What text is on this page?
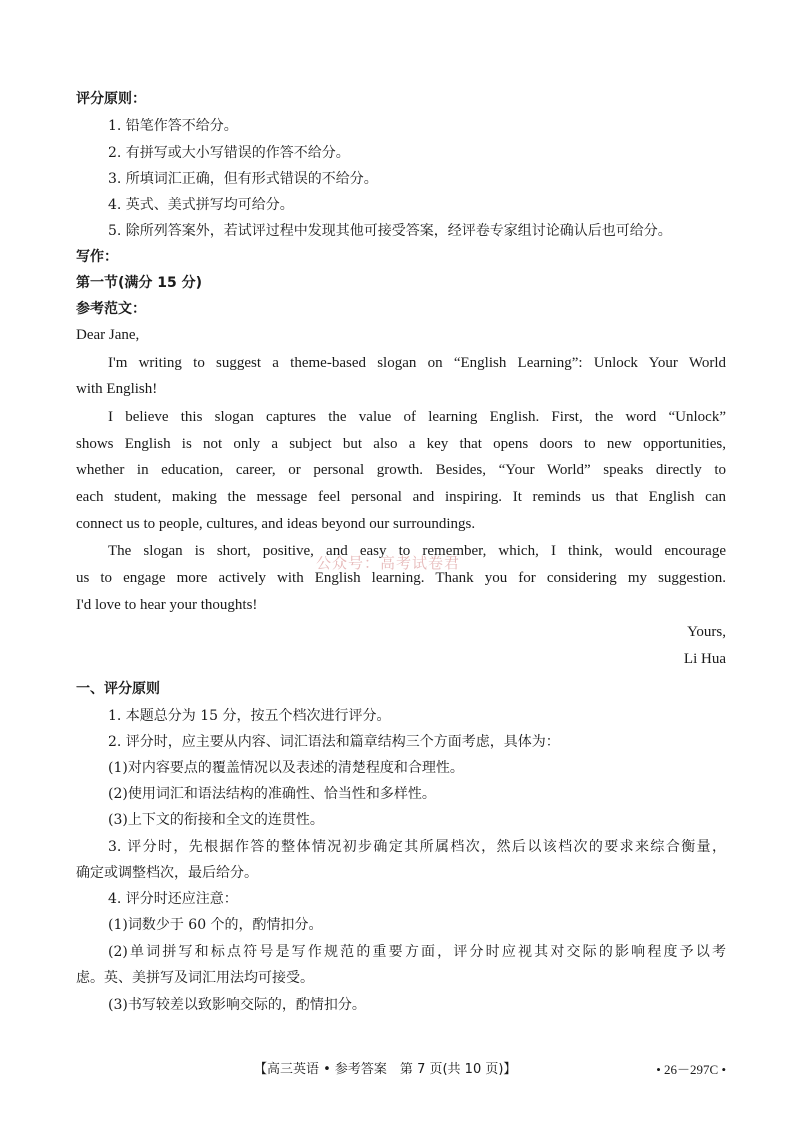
评分原则：
1. 铅笔作答不给分。
2. 有拼写或大小写错误的作答不给分。
3. 所填词汇正确，但有形式错误的不给分。
4. 英式、美式拼写均可给分。
5. 除所列答案外，若试评过程中发现其他可接受答案，经评卷专家组讨论确认后也可给分。
写作：
第一节(满分 15 分)
参考范文：
Dear Jane,
I'm writing to suggest a theme-based slogan on “English Learning”: Unlock Your World
with English!
I believe this slogan captures the value of learning English. First, the word “Unlock”
shows English is not only a subject but also a key that opens doors to new opportunities,
whether in education, career, or personal growth. Besides, “Your World” speaks directly to
each student, making the message feel personal and inspiring. It reminds us that English can
connect us to people, cultures, and ideas beyond our surroundings.
The slogan is short, positive, and easy to remember, which, I think, would encourage
us to engage more actively with English learning. Thank you for considering my suggestion.
I'd love to hear your thoughts!
Yours,
Li Hua
公众号：高考试卷君
一、评分原则
1. 本题总分为 15 分，按五个档次进行评分。
2. 评分时，应主要从内容、词汇语法和篇章结构三个方面考虑，具体为：
(1)对内容要点的覆盖情况以及表述的清楚程度和合理性。
(2)使用词汇和语法结构的准确性、恰当性和多样性。
(3)上下文的衔接和全文的连贯性。
3. 评分时，先根据作答的整体情况初步确定其所属档次，然后以该档次的要求来综合衡量，
确定或调整档次，最后给分。
4. 评分时还应注意：
(1)词数少于 60 个的，酌情扣分。
(2)单词拼写和标点符号是写作规范的重要方面，评分时应视其对交际的影响程度予以考
虑。英、美拼写及词汇用法均可接受。
(3)书写较差以致影响交际的，酌情扣分。
【高三英语 • 参考答案　第 7 页(共 10 页)】	• 26－297C •
